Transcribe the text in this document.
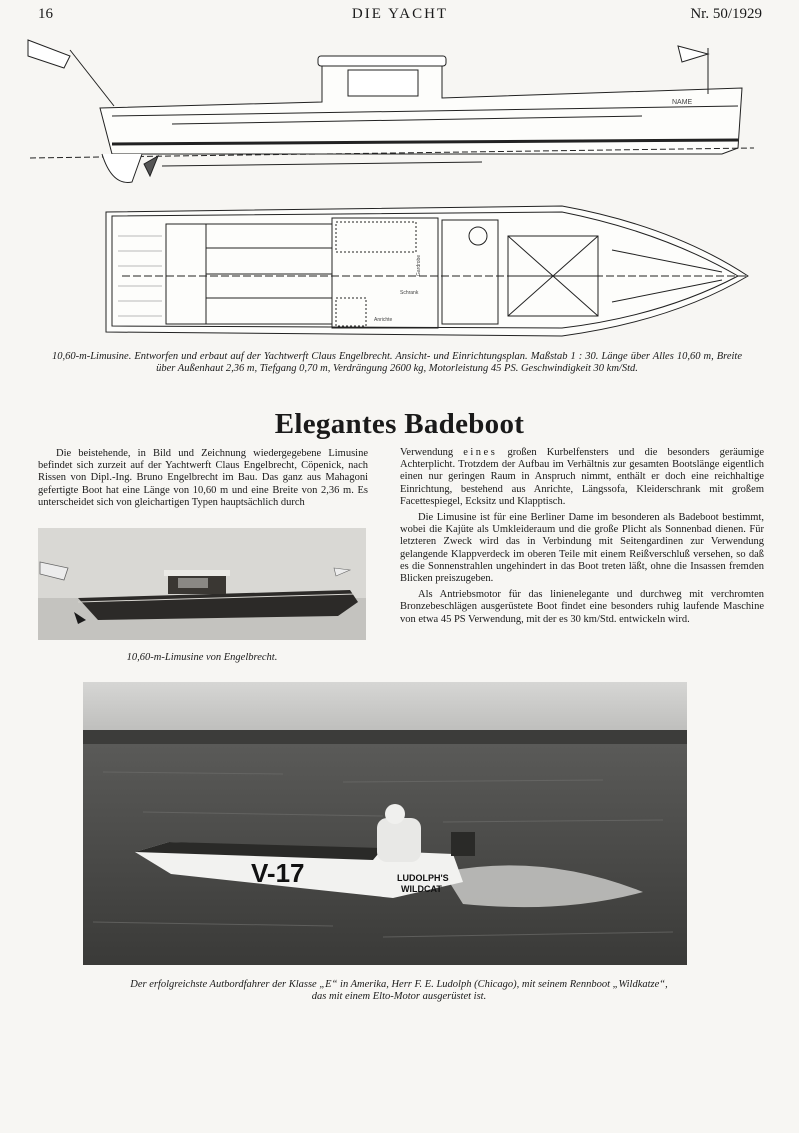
16	DIE YACHT	Nr. 50/1929
NAME
Gardrobe
Anrichte
Schrank
10,60-m-Limusine. Entworfen und erbaut auf der Yachtwerft Claus Engelbrecht. Ansicht- und Einrichtungsplan. Maßstab 1 : 30. Länge über Alles 10,60 m, Breite über Außenhaut 2,36 m, Tiefgang 0,70 m, Verdrängung 2600 kg, Motorleistung 45 PS. Geschwindigkeit 30 km/Std.
Elegantes Badeboot

Die beistehende, in Bild und Zeichnung wiedergegebene Limusine befindet sich zurzeit auf der Yachtwerft Claus Engelbrecht, Cöpenick, nach Rissen von Dipl.-Ing. Bruno Engelbrecht im Bau. Das ganz aus Mahagoni gefertigte Boot hat eine Länge von 10,60 m und eine Breite von 2,36 m. Es unterscheidet sich von gleichartigen Typen hauptsächlich durch

10,60-m-Limusine von Engelbrecht.

Verwendung eines großen Kurbelfensters und die besonders geräumige Achterplicht. Trotzdem der Aufbau im Verhältnis zur gesamten Bootslänge eigentlich einen nur geringen Raum in Anspruch nimmt, enthält er doch eine reichhaltige Einrichtung, bestehend aus Anrichte, Längssofa, Kleiderschrank mit großem Facettespiegel, Ecksitz und Klapptisch.

Die Limusine ist für eine Berliner Dame im besonderen als Badeboot bestimmt, wobei die Kajüte als Umkleideraum und die große Plicht als Sonnenbad dienen. Für letzteren Zweck wird das in Verbindung mit Seitengardinen zur Verwendung gelangende Klappverdeck im oberen Teile mit einem Reißverschluß versehen, so daß es die Sonnenstrahlen ungehindert in das Boot treten läßt, ohne die Insassen fremden Blicken preiszugeben.

Als Antriebsmotor für das linienelegante und durchweg mit verchromten Bronzebeschlägen ausgerüstete Boot findet eine besonders ruhig laufende Maschine von etwa 45 PS Verwendung, mit der es 30 km/Std. entwickeln wird.

V-17	LUDOLPH'S
WILDCAT
Der erfolgreichste Autbordfahrer der Klasse „E“ in Amerika, Herr F. E. Ludolph (Chicago), mit seinem Rennboot „Wildkatze“,
das mit einem Elto-Motor ausgerüstet ist.
